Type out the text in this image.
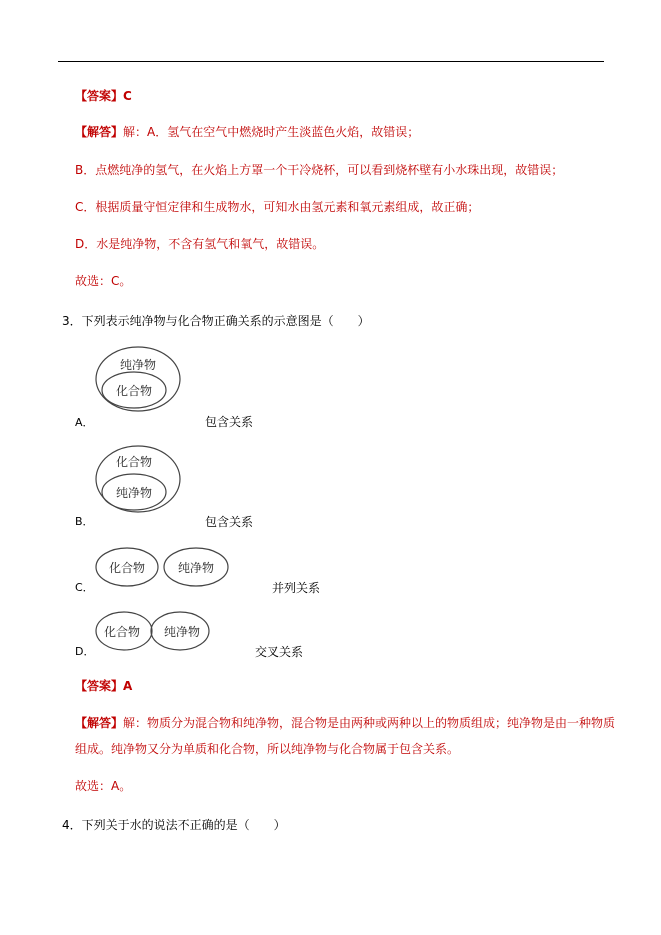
【答案】C
【解答】解：A．氢气在空气中燃烧时产生淡蓝色火焰，故错误；
B．点燃纯净的氢气，在火焰上方罩一个干冷烧杯，可以看到烧杯壁有小水珠出现，故错误；
C．根据质量守恒定律和生成物水，可知水由氢元素和氧元素组成，故正确；
D．水是纯净物，不含有氢气和氧气，故错误。
故选：C。
3．下列表示纯净物与化合物正确关系的示意图是（　　）
纯净物
化合物
A．	包含关系
化合物
纯净物
B．	包含关系
化合物	纯净物
C．	并列关系
化合物 纯净物
D．	交叉关系
【答案】A
【解答】解：物质分为混合物和纯净物，混合物是由两种或两种以上的物质组成；纯净物是由一种物质
组成。纯净物又分为单质和化合物，所以纯净物与化合物属于包含关系。
故选：A。
4．下列关于水的说法不正确的是（　　）
